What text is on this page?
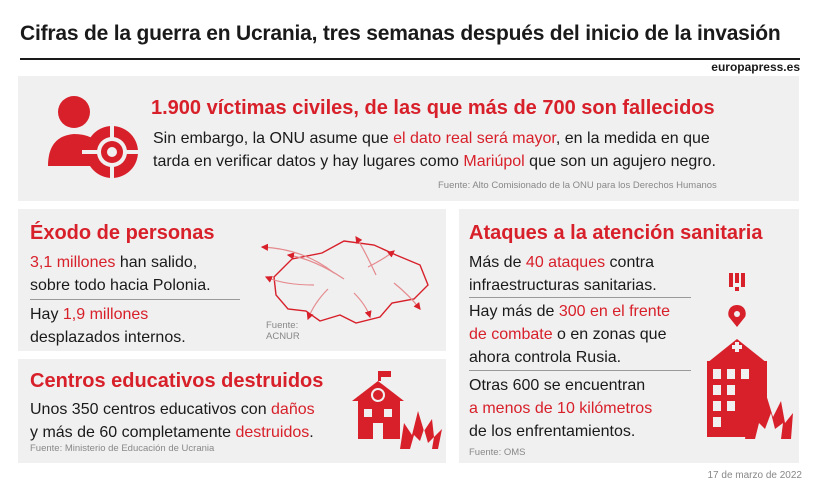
Cifras de la guerra en Ucrania, tres semanas después del inicio de la invasión
europapress.es
1.900 víctimas civiles, de las que más de 700 son fallecidos
Sin embargo, la ONU asume que el dato real será mayor, en la medida en que
tarda en verificar datos y hay lugares como Mariúpol que son un agujero negro.
Fuente: Alto Comisionado de la ONU para los Derechos Humanos
Éxodo de personas
3,1 millones han salido,
sobre todo hacia Polonia.
Hay 1,9 millones
desplazados internos.
Fuente:
ACNUR
Centros educativos destruidos
Unos 350 centros educativos con daños
y más de 60 completamente destruidos.
Fuente: Ministerio de Educación de Ucrania
Ataques a la atención sanitaria
Más de 40 ataques contra
infraestructuras sanitarias.
Hay más de 300 en el frente
de combate o en zonas que
ahora controla Rusia.
Otras 600 se encuentran
a menos de 10 kilómetros
de los enfrentamientos.
Fuente: OMS
17 de marzo de 2022
